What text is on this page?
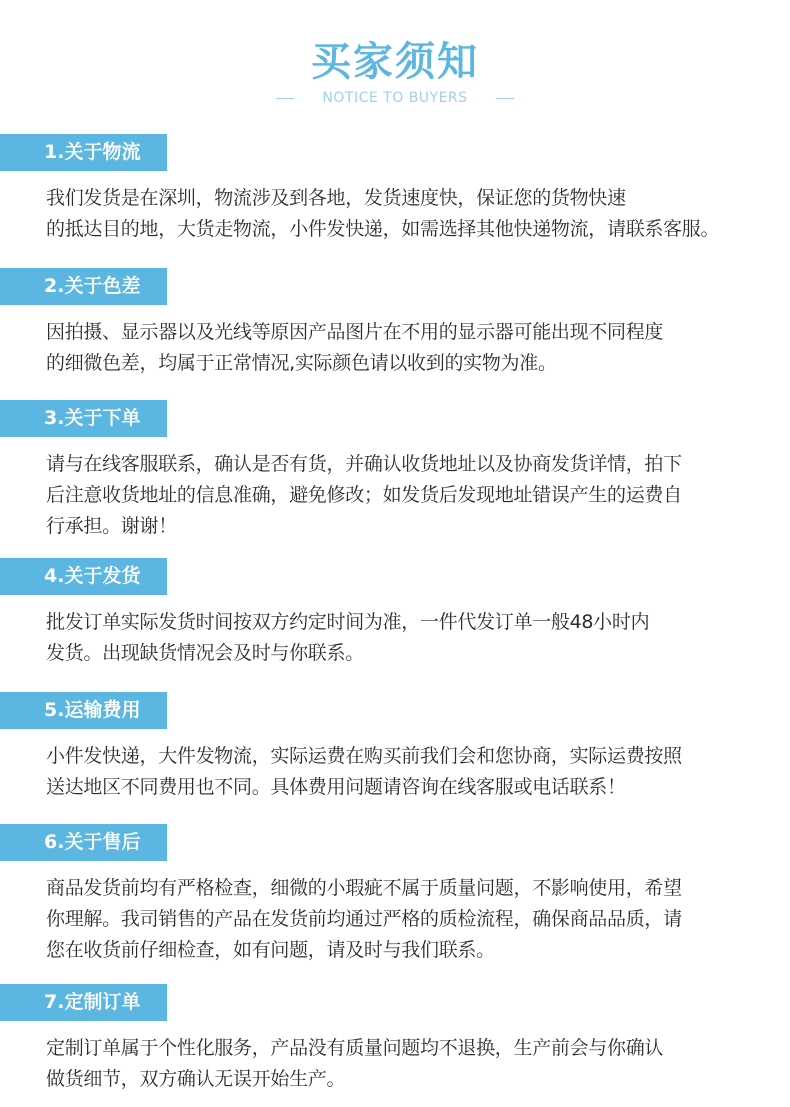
买家须知
NOTICE TO BUYERS
1.关于物流
我们发货是在深圳，物流涉及到各地，发货速度快，保证您的货物快速
的抵达目的地，大货走物流，小件发快递，如需选择其他快递物流，请联系客服。
2.关于色差
因拍摄、显示器以及光线等原因产品图片在不用的显示器可能出现不同程度
的细微色差，均属于正常情况,实际颜色请以收到的实物为准。
3.关于下单
请与在线客服联系，确认是否有货，并确认收货地址以及协商发货详情，拍下
后注意收货地址的信息准确，避免修改；如发货后发现地址错误产生的运费自
行承担。谢谢！
4.关于发货
批发订单实际发货时间按双方约定时间为准，一件代发订单一般48小时内
发货。出现缺货情况会及时与你联系。
5.运输费用
小件发快递，大件发物流，实际运费在购买前我们会和您协商，实际运费按照
送达地区不同费用也不同。具体费用问题请咨询在线客服或电话联系！
6.关于售后
商品发货前均有严格检查，细微的小瑕疵不属于质量问题，不影响使用，希望
你理解。我司销售的产品在发货前均通过严格的质检流程，确保商品品质，请
您在收货前仔细检查，如有问题，请及时与我们联系。
7.定制订单
定制订单属于个性化服务，产品没有质量问题均不退换，生产前会与你确认
做货细节，双方确认无误开始生产。
